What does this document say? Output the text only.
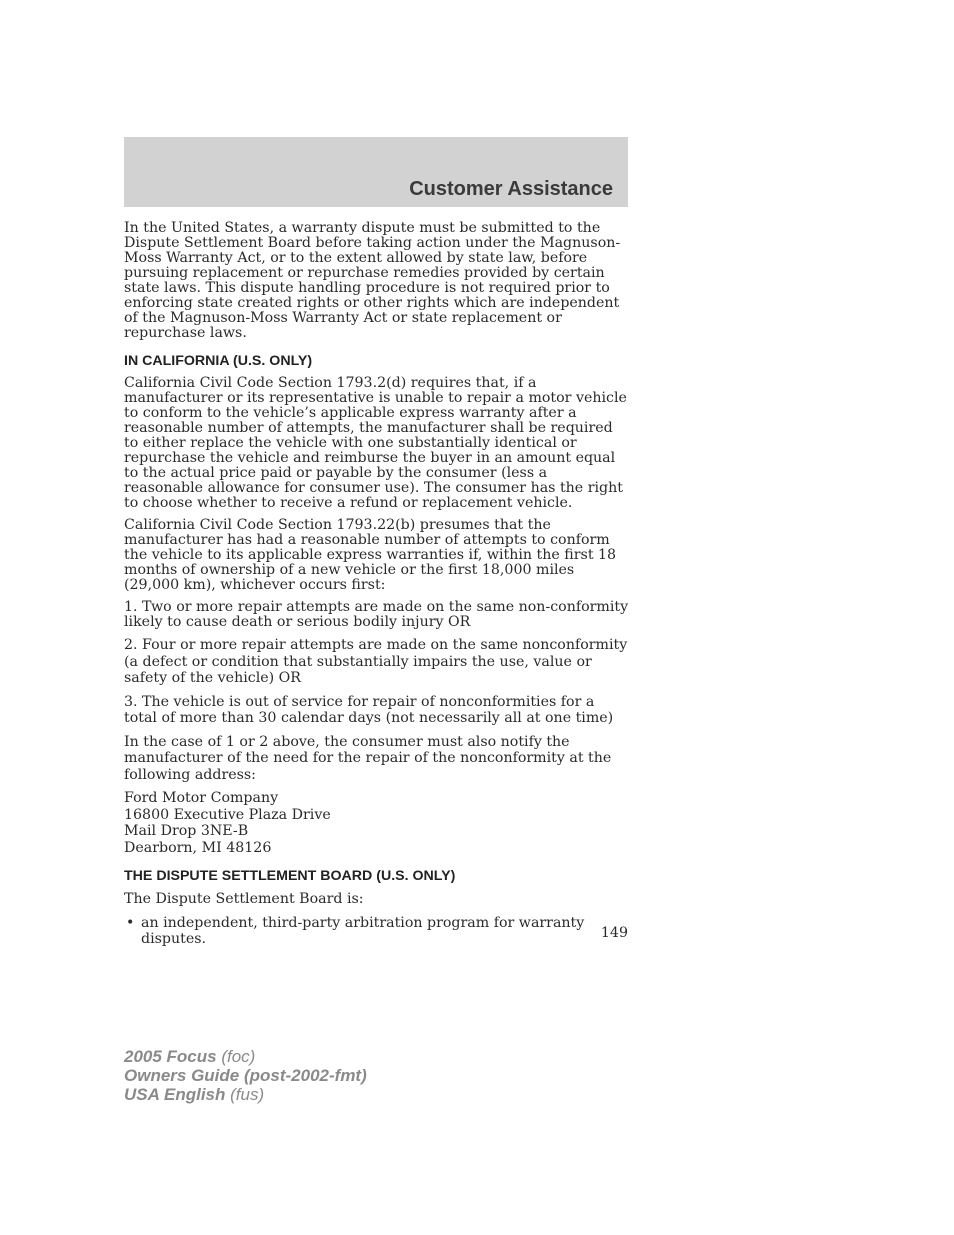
Customer Assistance

In the United States, a warranty dispute must be submitted to the Dispute Settlement Board before taking action under the Magnuson-Moss Warranty Act, or to the extent allowed by state law, before pursuing replacement or repurchase remedies provided by certain state laws. This dispute handling procedure is not required prior to enforcing state created rights or other rights which are independent of the Magnuson-Moss Warranty Act or state replacement or repurchase laws.

IN CALIFORNIA (U.S. ONLY)

California Civil Code Section 1793.2(d) requires that, if a manufacturer or its representative is unable to repair a motor vehicle to conform to the vehicle’s applicable express warranty after a reasonable number of attempts, the manufacturer shall be required to either replace the vehicle with one substantially identical or repurchase the vehicle and reimburse the buyer in an amount equal to the actual price paid or payable by the consumer (less a reasonable allowance for consumer use). The consumer has the right to choose whether to receive a refund or replacement vehicle.

California Civil Code Section 1793.22(b) presumes that the manufacturer has had a reasonable number of attempts to conform the vehicle to its applicable express warranties if, within the first 18 months of ownership of a new vehicle or the first 18,000 miles (29,000 km), whichever occurs first:

1. Two or more repair attempts are made on the same non-conformity likely to cause death or serious bodily injury OR

2. Four or more repair attempts are made on the same nonconformity (a defect or condition that substantially impairs the use, value or safety of the vehicle) OR

3. The vehicle is out of service for repair of nonconformities for a total of more than 30 calendar days (not necessarily all at one time)

In the case of 1 or 2 above, the consumer must also notify the manufacturer of the need for the repair of the nonconformity at the following address:

Ford Motor Company
16800 Executive Plaza Drive
Mail Drop 3NE-B
Dearborn, MI 48126
THE DISPUTE SETTLEMENT BOARD (U.S. ONLY)

The Dispute Settlement Board is:

• an independent, third-party arbitration program for warranty disputes.	149
2005 Focus (foc)
Owners Guide (post-2002-fmt)
USA English (fus)
